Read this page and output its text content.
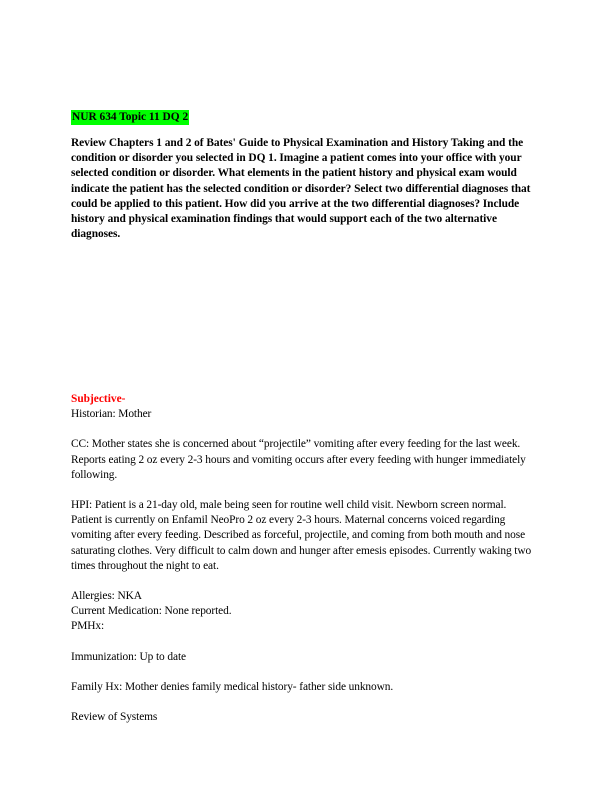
NUR 634 Topic 11 DQ 2
Review Chapters 1 and 2 of Bates' Guide to Physical Examination and History Taking and the condition or disorder you selected in DQ 1. Imagine a patient comes into your office with your selected condition or disorder. What elements in the patient history and physical exam would indicate the patient has the selected condition or disorder? Select two differential diagnoses that could be applied to this patient. How did you arrive at the two differential diagnoses? Include history and physical examination findings that would support each of the two alternative diagnoses.
Subjective-

Historian: Mother

CC: Mother states she is concerned about “projectile” vomiting after every feeding for the last week. Reports eating 2 oz every 2-3 hours and vomiting occurs after every feeding with hunger immediately following.

HPI: Patient is a 21-day old, male being seen for routine well child visit. Newborn screen normal.

Patient is currently on Enfamil NeoPro 2 oz every 2-3 hours. Maternal concerns voiced regarding vomiting after every feeding. Described as forceful, projectile, and coming from both mouth and nose saturating clothes. Very difficult to calm down and hunger after emesis episodes. Currently waking two times throughout the night to eat.

Allergies: NKA

Current Medication: None reported.

PMHx:

Immunization: Up to date

Family Hx: Mother denies family medical history- father side unknown.

Review of Systems
